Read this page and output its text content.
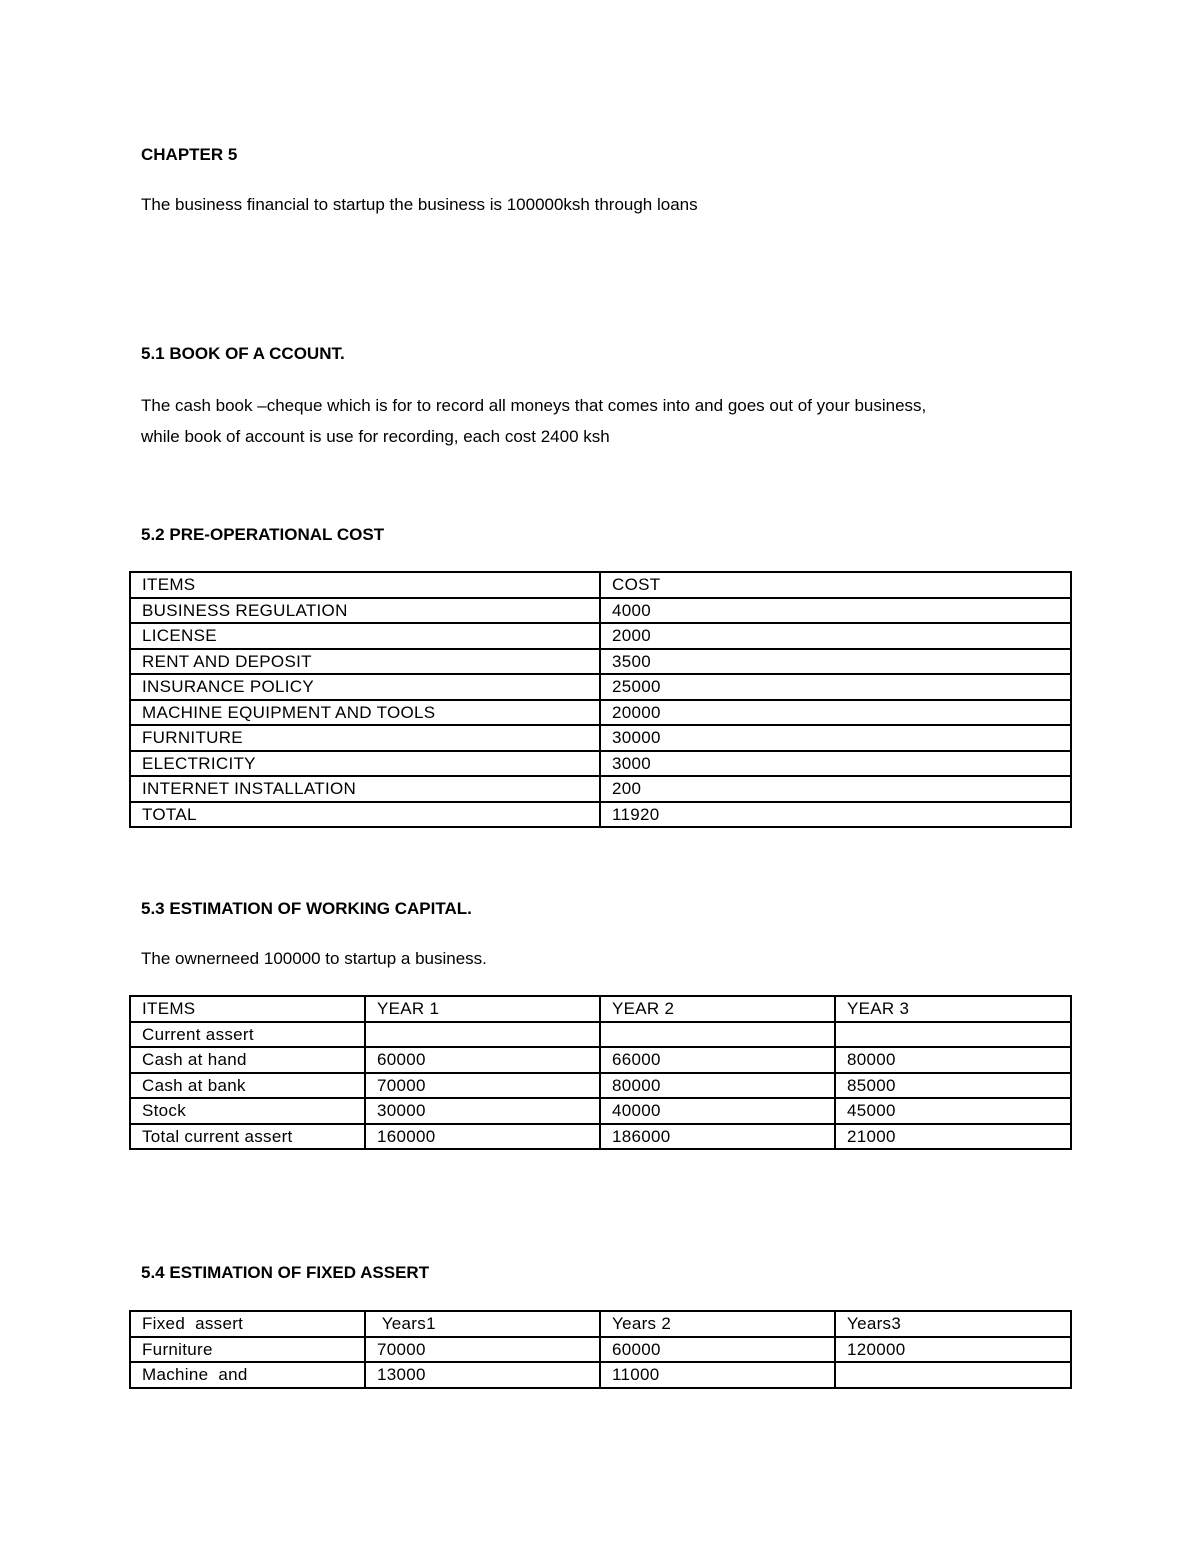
CHAPTER 5
The business financial to startup the business is 100000ksh through loans
5.1 BOOK OF A CCOUNT.
The cash book –cheque which is for to record all moneys that comes into and goes out of your business,
while book of account is use for recording, each cost 2400 ksh
5.2 PRE-OPERATIONAL COST
ITEMS	COST
BUSINESS REGULATION	4000
LICENSE	2000
RENT AND DEPOSIT	3500
INSURANCE POLICY	25000
MACHINE EQUIPMENT AND TOOLS	20000
FURNITURE	30000
ELECTRICITY	3000
INTERNET INSTALLATION	200
TOTAL	11920
5.3 ESTIMATION OF WORKING CAPITAL.
The ownerneed 100000 to startup a business.
ITEMS	YEAR 1	YEAR 2	YEAR 3
Current assert			
Cash at hand	60000	66000	80000
Cash at bank	70000	80000	85000
Stock	30000	40000	45000
Total current assert	160000	186000	21000
5.4 ESTIMATION OF FIXED ASSERT
Fixed  assert	Years1	Years 2	Years3
Furniture	70000	60000	120000
Machine  and	13000	11000	
